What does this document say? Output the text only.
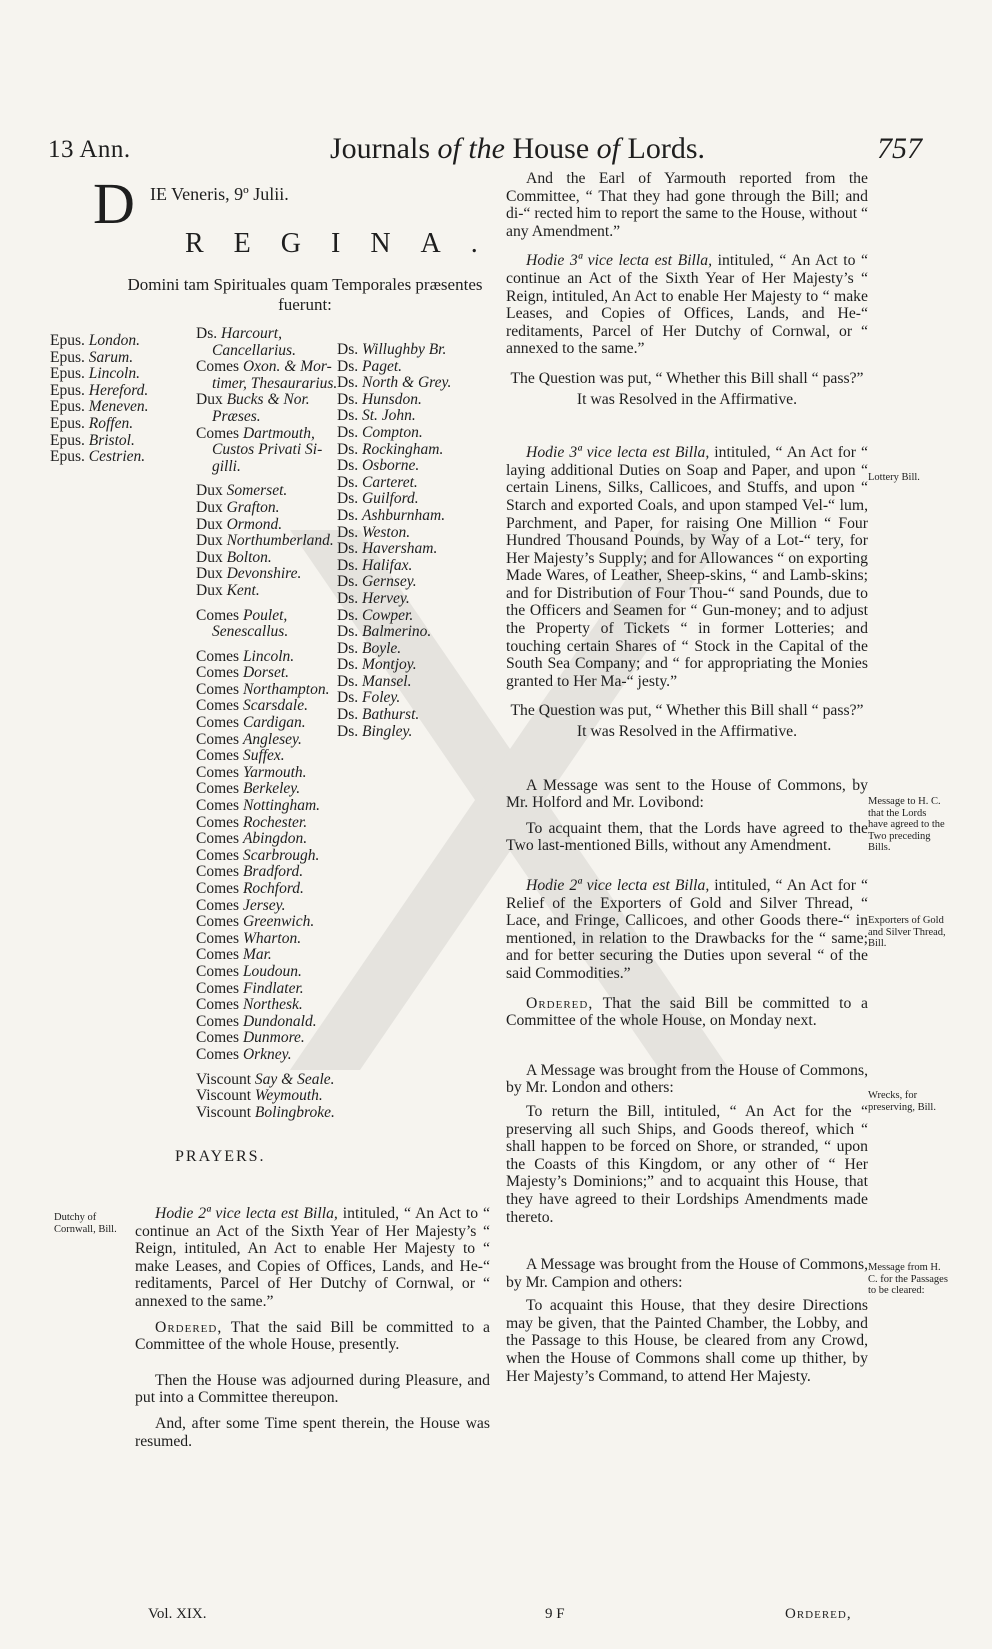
13 Ann.	Journals of the House of Lords.	757
D IE Veneris, 9º Julii.
REGINA.
Domini tam Spirituales quam Temporales præsentes fuerunt:
Epus. London.
Epus. Sarum.
Epus. Lincoln.
Epus. Hereford.
Epus. Meneven.
Epus. Roffen.
Epus. Bristol.
Epus. Cestrien.
Ds. Harcourt,
Cancellarius.
Comes Oxon. & Mor-
timer, Thesaurarius.
Dux Bucks & Nor.
Præses.
Comes Dartmouth,
Custos Privati Si-
gilli.
Dux Somerset.
Dux Grafton.
Dux Ormond.
Dux Northumberland.
Dux Bolton.
Dux Devonshire.
Dux Kent.
Comes Poulet,
Senescallus.
Comes Lincoln.
Comes Dorset.
Comes Northampton.
Comes Scarsdale.
Comes Cardigan.
Comes Anglesey.
Comes Suffex.
Comes Yarmouth.
Comes Berkeley.
Comes Nottingham.
Comes Rochester.
Comes Abingdon.
Comes Scarbrough.
Comes Bradford.
Comes Rochford.
Comes Jersey.
Comes Greenwich.
Comes Wharton.
Comes Mar.
Comes Loudoun.
Comes Findlater.
Comes Northesk.
Comes Dundonald.
Comes Dunmore.
Comes Orkney.
Viscount Say & Seale.
Viscount Weymouth.
Viscount Bolingbroke.
Ds. Willughby Br.
Ds. Paget.
Ds. North & Grey.
Ds. Hunsdon.
Ds. St. John.
Ds. Compton.
Ds. Rockingham.
Ds. Osborne.
Ds. Carteret.
Ds. Guilford.
Ds. Ashburnham.
Ds. Weston.
Ds. Haversham.
Ds. Halifax.
Ds. Gernsey.
Ds. Hervey.
Ds. Cowper.
Ds. Balmerino.
Ds. Boyle.
Ds. Montjoy.
Ds. Mansel.
Ds. Foley.
Ds. Bathurst.
Ds. Bingley.
PRAYERS.
Dutchy of Cornwall, Bill.

Hodie 2ª vice lecta est Billa, intituled, “ An Act to “ continue an Act of the Sixth Year of Her Majesty’s “ Reign, intituled, An Act to enable Her Majesty to “ make Leases, and Copies of Offices, Lands, and He-“ reditaments, Parcel of Her Dutchy of Cornwal, or “ annexed to the same.”

Ordered, That the said Bill be committed to a Committee of the whole House, presently.

Then the House was adjourned during Pleasure, and put into a Committee thereupon.

And, after some Time spent therein, the House was resumed.

And the Earl of Yarmouth reported from the Committee, “ That they had gone through the Bill; and di-“ rected him to report the same to the House, without “ any Amendment.”

Hodie 3ª vice lecta est Billa, intituled, “ An Act to “ continue an Act of the Sixth Year of Her Majesty’s “ Reign, intituled, An Act to enable Her Majesty to “ make Leases, and Copies of Offices, Lands, and He-“ reditaments, Parcel of Her Dutchy of Cornwal, or “ annexed to the same.”

The Question was put, “ Whether this Bill shall “ pass?”

It was Resolved in the Affirmative.

Hodie 3ª vice lecta est Billa, intituled, “ An Act for “ laying additional Duties on Soap and Paper, and upon “ certain Linens, Silks, Callicoes, and Stuffs, and upon “ Starch and exported Coals, and upon stamped Vel-“ lum, Parchment, and Paper, for raising One Million “ Four Hundred Thousand Pounds, by Way of a Lot-“ tery, for Her Majesty’s Supply; and for Allowances “ on exporting Made Wares, of Leather, Sheep-skins, “ and Lamb-skins; and for Distribution of Four Thou-“ sand Pounds, due to the Officers and Seamen for “ Gun-money; and to adjust the Property of Tickets “ in former Lotteries; and touching certain Shares of “ Stock in the Capital of the South Sea Company; and “ for appropriating the Monies granted to Her Ma-“ jesty.”

The Question was put, “ Whether this Bill shall “ pass?”

It was Resolved in the Affirmative.

A Message was sent to the House of Commons, by Mr. Holford and Mr. Lovibond:

To acquaint them, that the Lords have agreed to the Two last-mentioned Bills, without any Amendment.

Hodie 2ª vice lecta est Billa, intituled, “ An Act for “ Relief of the Exporters of Gold and Silver Thread, “ Lace, and Fringe, Callicoes, and other Goods there-“ in mentioned, in relation to the Drawbacks for the “ same; and for better securing the Duties upon several “ of the said Commodities.”

Ordered, That the said Bill be committed to a Committee of the whole House, on Monday next.

A Message was brought from the House of Commons, by Mr. London and others:

To return the Bill, intituled, “ An Act for the “ preserving all such Ships, and Goods thereof, which “ shall happen to be forced on Shore, or stranded, “ upon the Coasts of this Kingdom, or any other of “ Her Majesty’s Dominions;” and to acquaint this House, that they have agreed to their Lordships Amendments made thereto.

A Message was brought from the House of Commons, by Mr. Campion and others:

To acquaint this House, that they desire Directions may be given, that the Painted Chamber, the Lobby, and the Passage to this House, be cleared from any Crowd, when the House of Commons shall come up thither, by Her Majesty’s Command, to attend Her Majesty.

Lottery Bill.
Message to H. C. that the Lords have agreed to the Two preceding Bills.
Exporters of Gold and Silver Thread, Bill.
Wrecks, for preserving, Bill.
Message from H. C. for the Passages to be cleared:
Vol. XIX.	9 F	Ordered,
